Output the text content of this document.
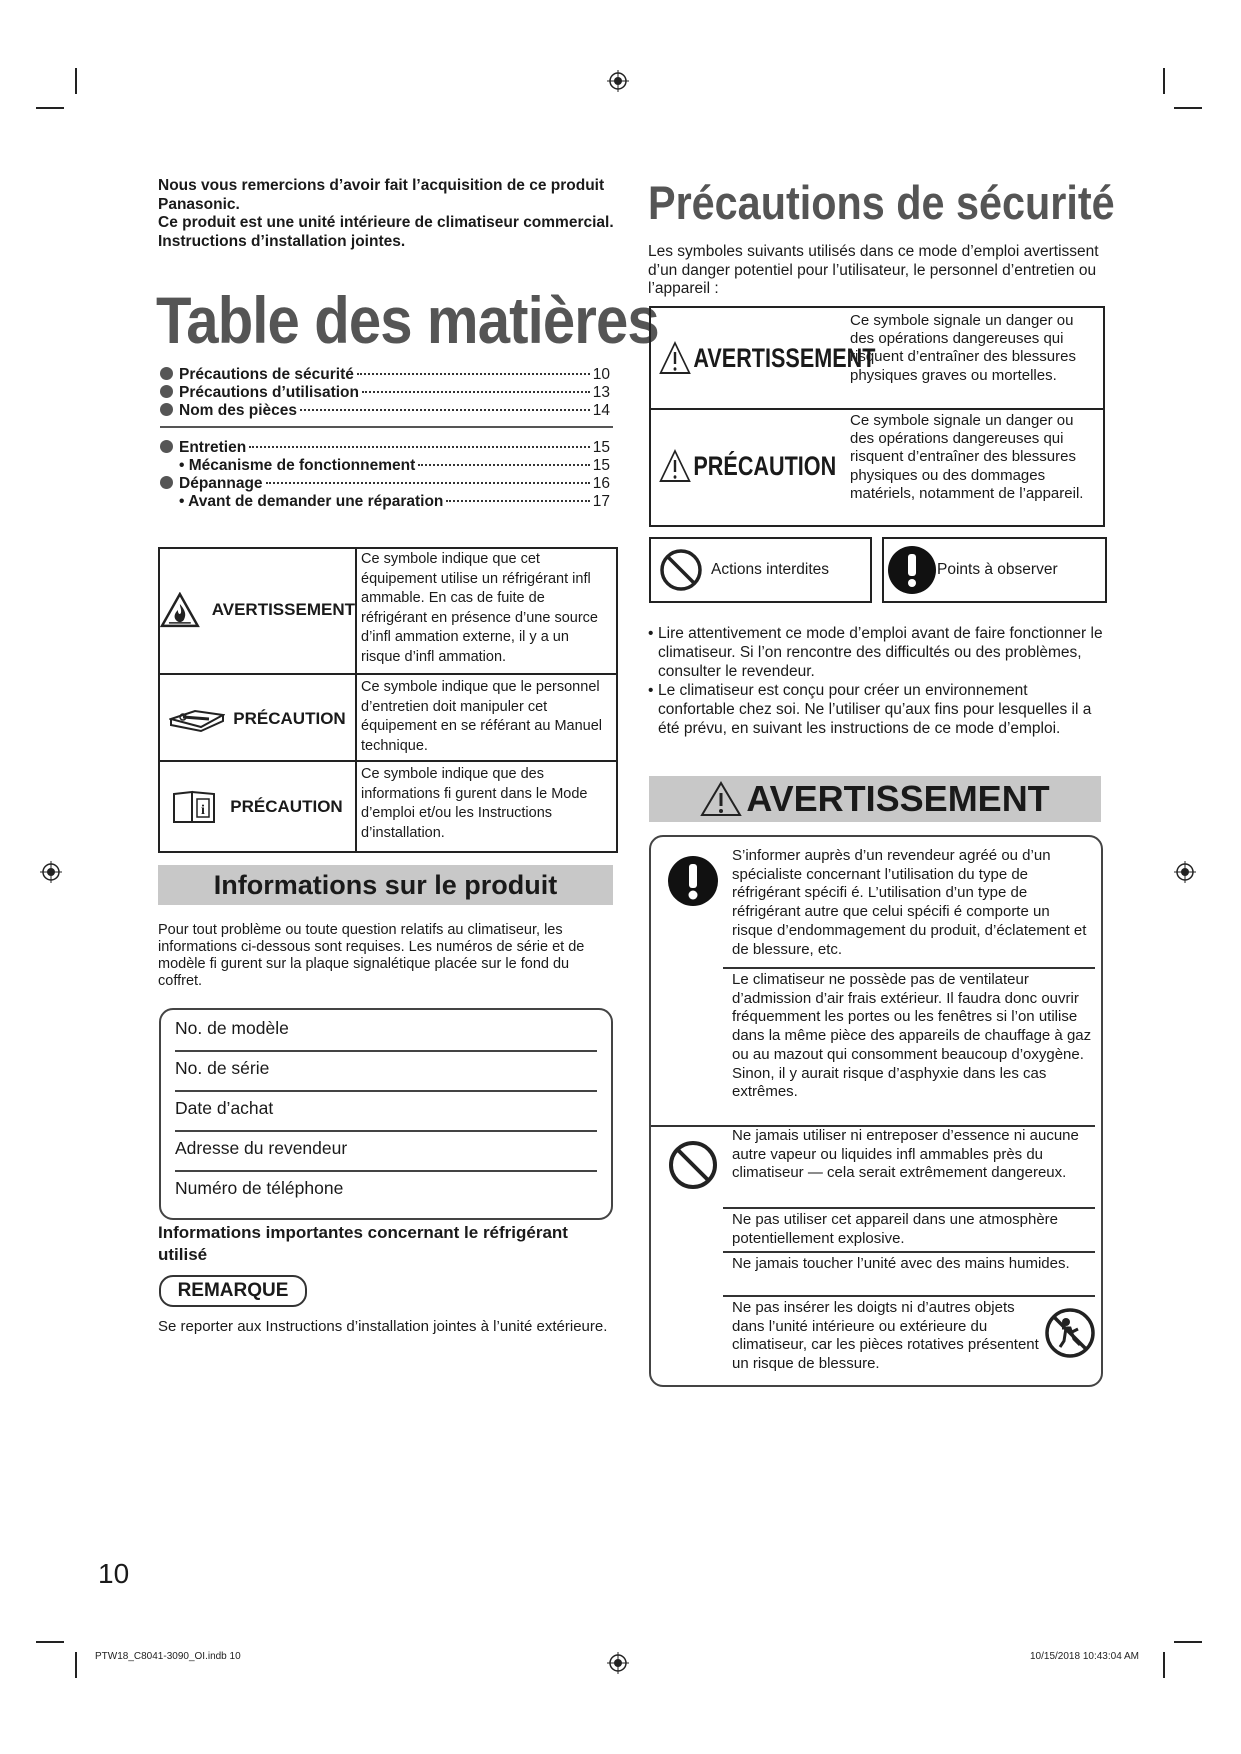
Nous vous remercions d’avoir fait l’acquisition de ce produit Panasonic.
Ce produit est une unité intérieure de climatiseur commercial.
Instructions d’installation jointes.
Table des matières
Précautions de sécurité	10
Précautions d’utilisation	13
Nom des pièces	14
Entretien	15
• Mécanisme de fonctionnement	15
Dépannage	16
• Avant de demander une réparation	17
AVERTISSEMENT
Ce symbole indique que cet équipement utilise un réfrigérant infl ammable. En cas de fuite de réfrigérant en présence d’une source d’infl ammation externe, il y a un risque d’infl ammation.
PRÉCAUTION
Ce symbole indique que le personnel d’entretien doit manipuler cet équipement en se référant au Manuel technique.
i PRÉCAUTION
Ce symbole indique que des informations fi gurent dans le Mode d’emploi et/ou les Instructions d’installation.
Informations sur le produit
Pour tout problème ou toute question relatifs au climatiseur, les informations ci-dessous sont requises. Les numéros de série et de modèle fi gurent sur la plaque signalétique placée sur le fond du coffret.
No. de modèle
No. de série
Date d’achat
Adresse du revendeur
Numéro de téléphone
Informations importantes concernant le réfrigérant utilisé
REMARQUE
Se reporter aux Instructions d’installation jointes à l’unité extérieure.
Précautions de sécurité
Les symboles suivants utilisés dans ce mode d’emploi avertissent d’un danger potentiel pour l’utilisateur, le personnel d’entretien ou l’appareil :
AVERTISSEMENT
Ce symbole signale un danger ou des opérations dangereuses qui risquent d’entraîner des blessures physiques graves ou mortelles.
PRÉCAUTION
Ce symbole signale un danger ou des opérations dangereuses qui risquent d’entraîner des blessures physiques ou des dommages matériels, notamment de l’appareil.
Actions interdites	Points à observer
• Lire attentivement ce mode d’emploi avant de faire fonctionner le climatiseur. Si l’on rencontre des difficultés ou des problèmes, consulter le revendeur.
• Le climatiseur est conçu pour créer un environnement confortable chez soi. Ne l’utiliser qu’aux fins pour lesquelles il a été prévu, en suivant les instructions de ce mode d’emploi.
AVERTISSEMENT
S’informer auprès d’un revendeur agréé ou d’un spécialiste concernant l’utilisation du type de réfrigérant spécifi é. L’utilisation d’un type de réfrigérant autre que celui spécifi é comporte un risque d’endommagement du produit, d’éclatement et de blessure, etc.
Le climatiseur ne possède pas de ventilateur d’admission d’air frais extérieur. Il faudra donc ouvrir fréquemment les portes ou les fenêtres si l’on utilise dans la même pièce des appareils de chauffage à gaz ou au mazout qui consomment beaucoup d’oxygène. Sinon, il y aurait risque d’asphyxie dans les cas extrêmes.
Ne jamais utiliser ni entreposer d’essence ni aucune autre vapeur ou liquides infl ammables près du climatiseur — cela serait extrêmement dangereux.
Ne pas utiliser cet appareil dans une atmosphère potentiellement explosive.
Ne jamais toucher l’unité avec des mains humides.
Ne pas insérer les doigts ni d’autres objets dans l’unité intérieure ou extérieure du climatiseur, car les pièces rotatives présentent un risque de blessure.
10
PTW18_C8041-3090_OI.indb 10	10/15/2018 10:43:04 AM
